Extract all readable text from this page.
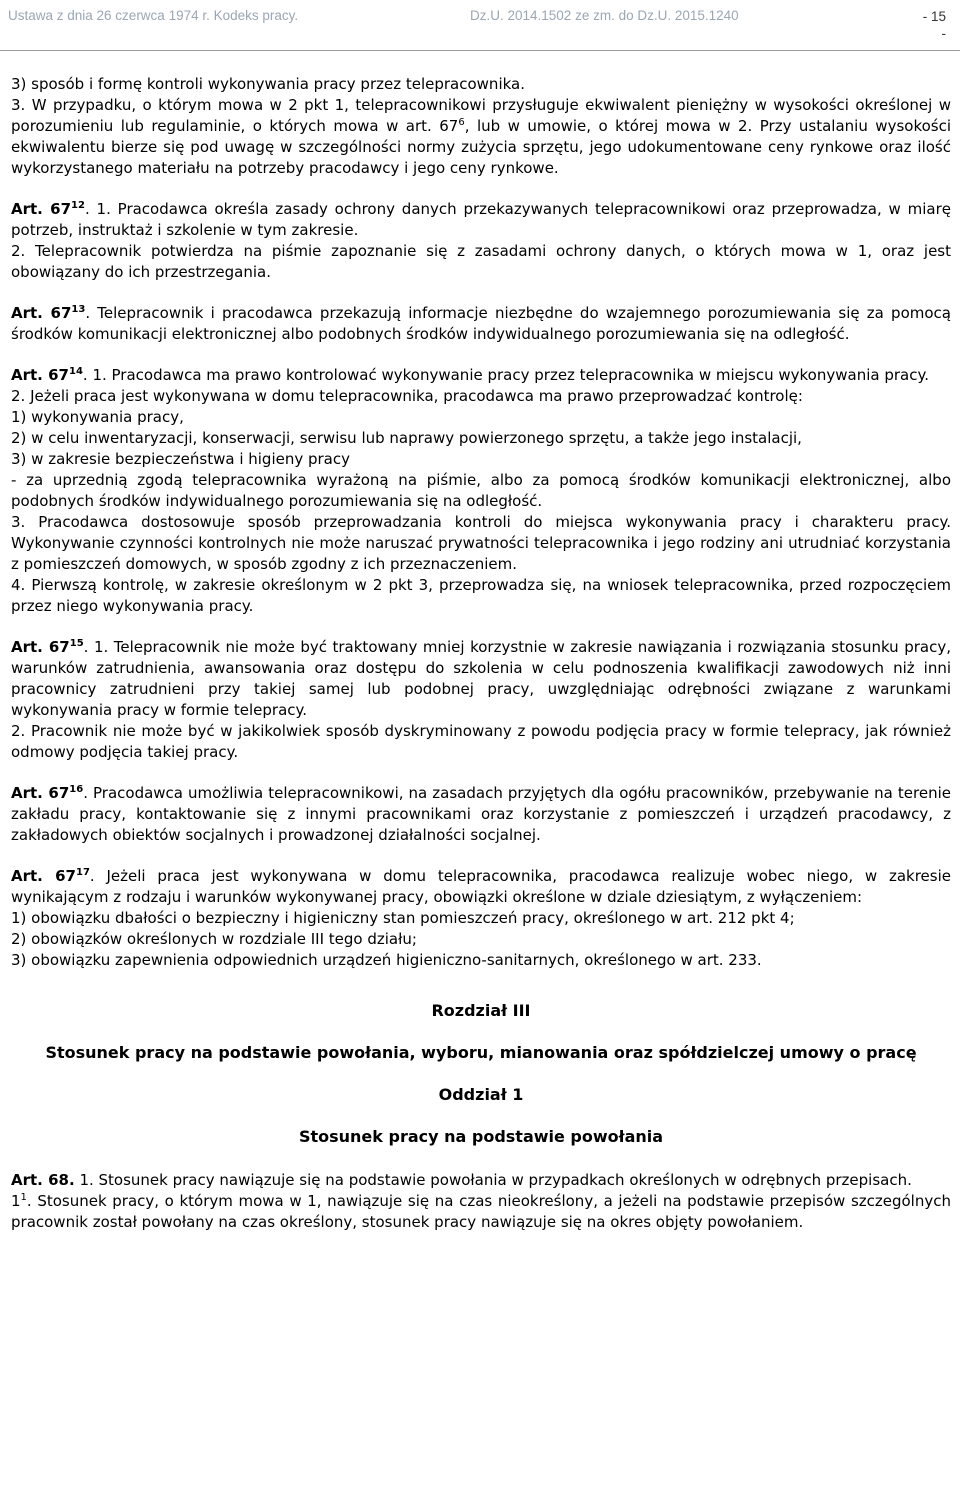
Ustawa z dnia 26 czerwca 1974 r. Kodeks pracy.	Dz.U. 2014.1502 ze zm. do Dz.U. 2015.1240	- 15
-

3) sposób i formę kontroli wykonywania pracy przez telepracownika.

3. W przypadku, o którym mowa w 2 pkt 1, telepracownikowi przysługuje ekwiwalent pieniężny w wysokości określonej w porozumieniu lub regulaminie, o których mowa w art. $67^6$, lub w umowie, o której mowa w 2. Przy ustalaniu wysokości ekwiwalentu bierze się pod uwagę w szczególności normy zużycia sprzętu, jego udokumentowane ceny rynkowe oraz ilość wykorzystanego materiału na potrzeby pracodawcy i jego ceny rynkowe.

Art. $67^{12}$. 1. Pracodawca określa zasady ochrony danych przekazywanych telepracownikowi oraz przeprowadza, w miarę potrzeb, instruktaż i szkolenie w tym zakresie.

2. Telepracownik potwierdza na piśmie zapoznanie się z zasadami ochrony danych, o których mowa w 1, oraz jest obowiązany do ich przestrzegania.

Art. $67^{13}$. Telepracownik i pracodawca przekazują informacje niezbędne do wzajemnego porozumiewania się za pomocą środków komunikacji elektronicznej albo podobnych środków indywidualnego porozumiewania się na odległość.

Art. $67^{14}$. 1. Pracodawca ma prawo kontrolować wykonywanie pracy przez telepracownika w miejscu wykonywania pracy.

2. Jeżeli praca jest wykonywana w domu telepracownika, pracodawca ma prawo przeprowadzać kontrolę:

1) wykonywania pracy,

2) w celu inwentaryzacji, konserwacji, serwisu lub naprawy powierzonego sprzętu, a także jego instalacji,

3) w zakresie bezpieczeństwa i higieny pracy

- za uprzednią zgodą telepracownika wyrażoną na piśmie, albo za pomocą środków komunikacji elektronicznej, albo podobnych środków indywidualnego porozumiewania się na odległość.

3. Pracodawca dostosowuje sposób przeprowadzania kontroli do miejsca wykonywania pracy i charakteru pracy. Wykonywanie czynności kontrolnych nie może naruszać prywatności telepracownika i jego rodziny ani utrudniać korzystania z pomieszczeń domowych, w sposób zgodny z ich przeznaczeniem.

4. Pierwszą kontrolę, w zakresie określonym w 2 pkt 3, przeprowadza się, na wniosek telepracownika, przed rozpoczęciem przez niego wykonywania pracy.

Art. $67^{15}$. 1. Telepracownik nie może być traktowany mniej korzystnie w zakresie nawiązania i rozwiązania stosunku pracy, warunków zatrudnienia, awansowania oraz dostępu do szkolenia w celu podnoszenia kwalifikacji zawodowych niż inni pracownicy zatrudnieni przy takiej samej lub podobnej pracy, uwzględniając odrębności związane z warunkami wykonywania pracy w formie telepracy.

2. Pracownik nie może być w jakikolwiek sposób dyskryminowany z powodu podjęcia pracy w formie telepracy, jak również odmowy podjęcia takiej pracy.

Art. $67^{16}$. Pracodawca umożliwia telepracownikowi, na zasadach przyjętych dla ogółu pracowników, przebywanie na terenie zakładu pracy, kontaktowanie się z innymi pracownikami oraz korzystanie z pomieszczeń i urządzeń pracodawcy, z zakładowych obiektów socjalnych i prowadzonej działalności socjalnej.

Art. $67^{17}$. Jeżeli praca jest wykonywana w domu telepracownika, pracodawca realizuje wobec niego, w zakresie wynikającym z rodzaju i warunków wykonywanej pracy, obowiązki określone w dziale dziesiątym, z wyłączeniem:

1) obowiązku dbałości o bezpieczny i higieniczny stan pomieszczeń pracy, określonego w art. 212 pkt 4;

2) obowiązków określonych w rozdziale III tego działu;

3) obowiązku zapewnienia odpowiednich urządzeń higieniczno-sanitarnych, określonego w art. 233.

Rozdział III
Stosunek pracy na podstawie powołania, wyboru, mianowania oraz spółdzielczej umowy o pracę
Oddział 1
Stosunek pracy na podstawie powołania

Art. 68. 1. Stosunek pracy nawiązuje się na podstawie powołania w przypadkach określonych w odrębnych przepisach.

$1^1$. Stosunek pracy, o którym mowa w 1, nawiązuje się na czas nieokreślony, a jeżeli na podstawie przepisów szczególnych pracownik został powołany na czas określony, stosunek pracy nawiązuje się na okres objęty powołaniem.
